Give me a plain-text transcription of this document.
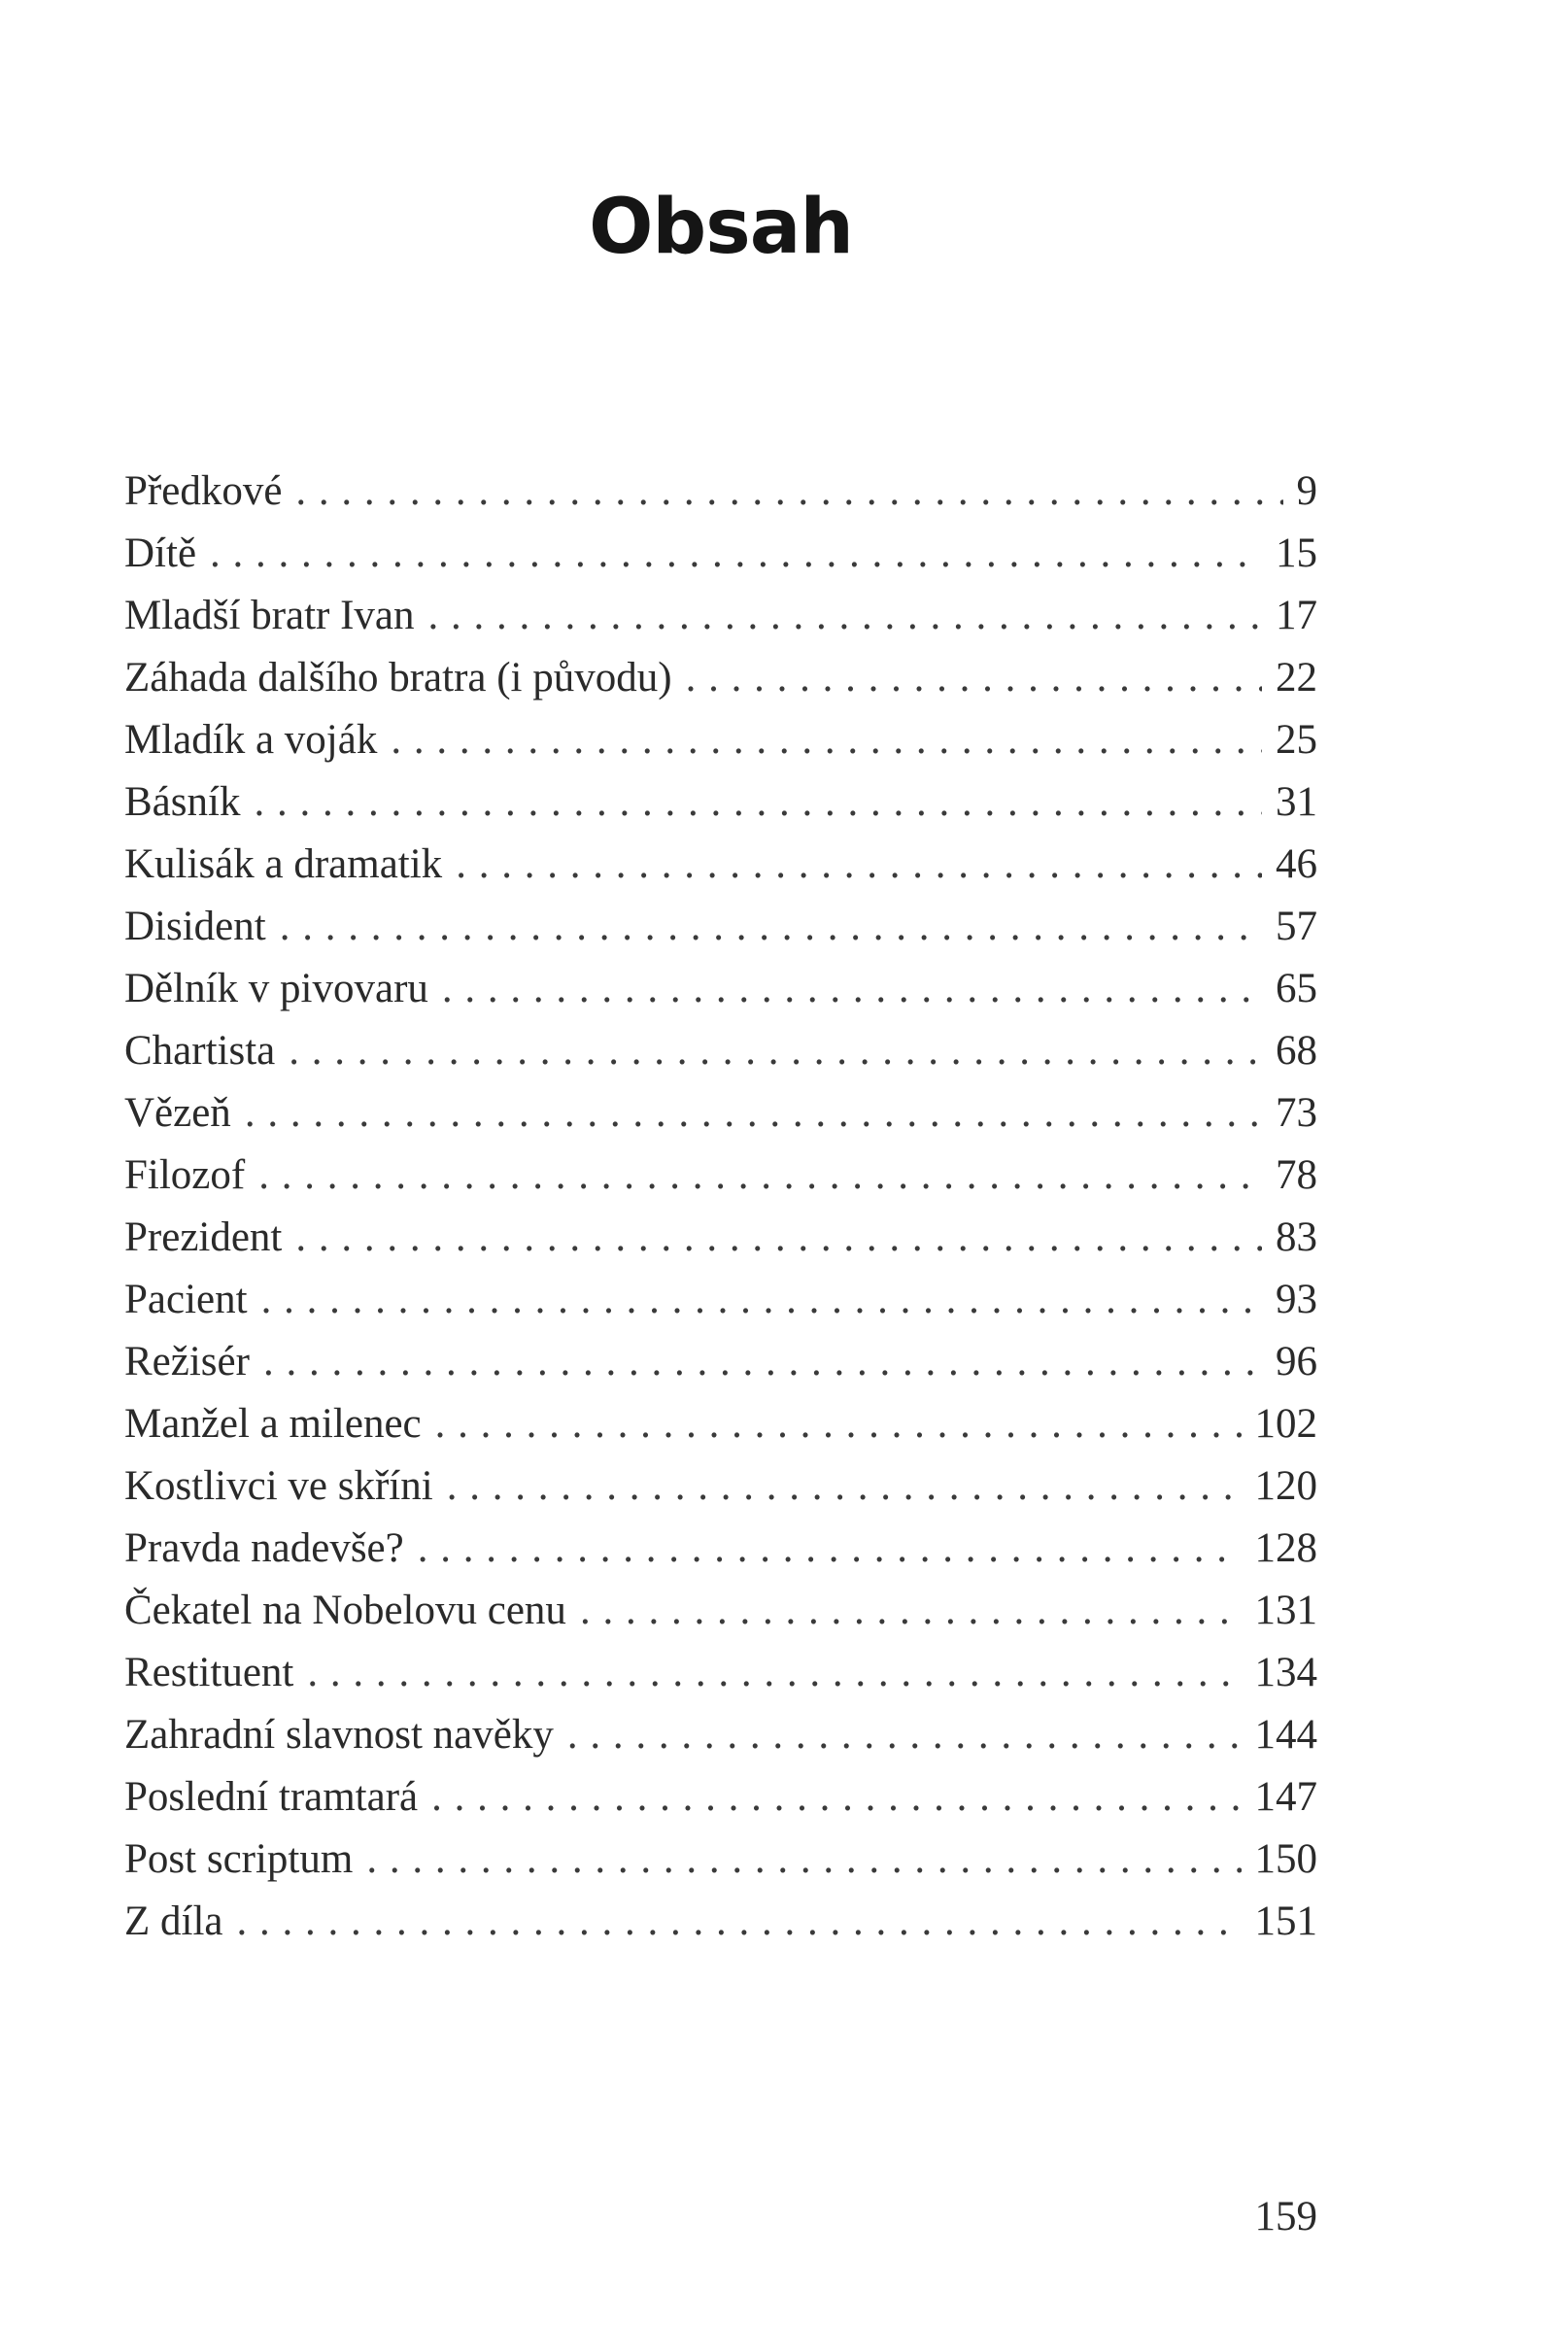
Obsah
Předkové . . .	9
Dítě . . .	15
Mladší bratr Ivan . . .	17
Záhada dalšího bratra (i původu) . . .	22
Mladík a voják . . .	25
Básník . . .	31
Kulisák a dramatik . . .	46
Disident . . .	57
Dělník v pivovaru . . .	65
Chartista . . .	68
Vězeň . . .	73
Filozof . . .	78
Prezident . . .	83
Pacient . . .	93
Režisér . . .	96
Manžel a milenec . . .	102
Kostlivci ve skříni . . .	120
Pravda nadevše? . . .	128
Čekatel na Nobelovu cenu . . .	131
Restituent . . .	134
Zahradní slavnost navěky . . .	144
Poslední tramtará . . .	147
Post scriptum . . .	150
Z díla . . .	151
159
